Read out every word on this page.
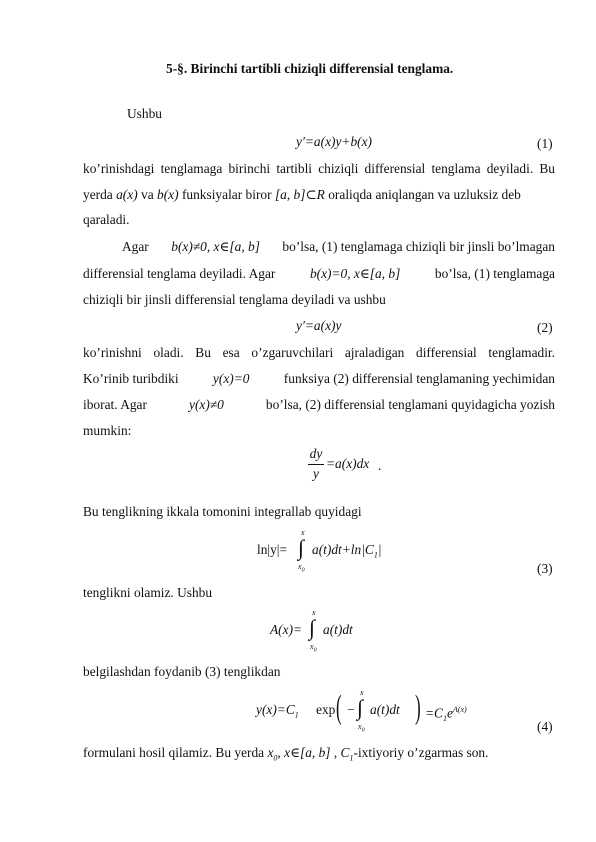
5-§. Birinchi tartibli chiziqli differensial tenglama.
Ushbu
y′=a(x)y+b(x)	(1)
ko’rinishdagi tenglamaga birinchi tartibli chiziqli differensial tenglama deyiladi. Bu
yerda a(x) va b(x) funksiyalar biror [a, b]⊂R oraliqda aniqlangan va uzluksiz deb
qaraladi.
Agar b(x)≠0, x∈[a, b] bo’lsa, (1) tenglamaga chiziqli bir jinsli bo’lmagan
differensial tenglama deyiladi. Agar	b(x)=0, x∈[a, b]	bo’lsa, (1) tenglamaga
chiziqli bir jinsli differensial tenglama deyiladi va ushbu
y′=a(x)y	(2)
ko’rinishni oladi. Bu esa o’zgaruvchilari ajraladigan differensial tenglamadir.
Ko’rinib turibdiki	y(x)=0	funksiya (2) differensial tenglamaning yechimidan
iborat. Agar	y(x)≠0	bo’lsa, (2) differensial tenglamani quyidagicha yozish
mumkin:
dy
y
=a(x)dx .
Bu tenglikning ikkala tomonini integrallab quyidagi
ln|y|=
x
∫
$x_0$
$a(t)dt+\ln|C_1|$
(3)
tenglikni olamiz. Ushbu
A(x)=
x
∫
$x_0$
a(t)dt
belgilashdan foydanib (3) tenglikdan
$y(x)=C_1$ exp ( −
x
∫
$x_0$
a(t)dt ) $=C_1e^{A(x)}$
(4)
formulani hosil qilamiz. Bu yerda $x_0$, x∈[a, b] , $C_1$-ixtiyoriy o’zgarmas son.
